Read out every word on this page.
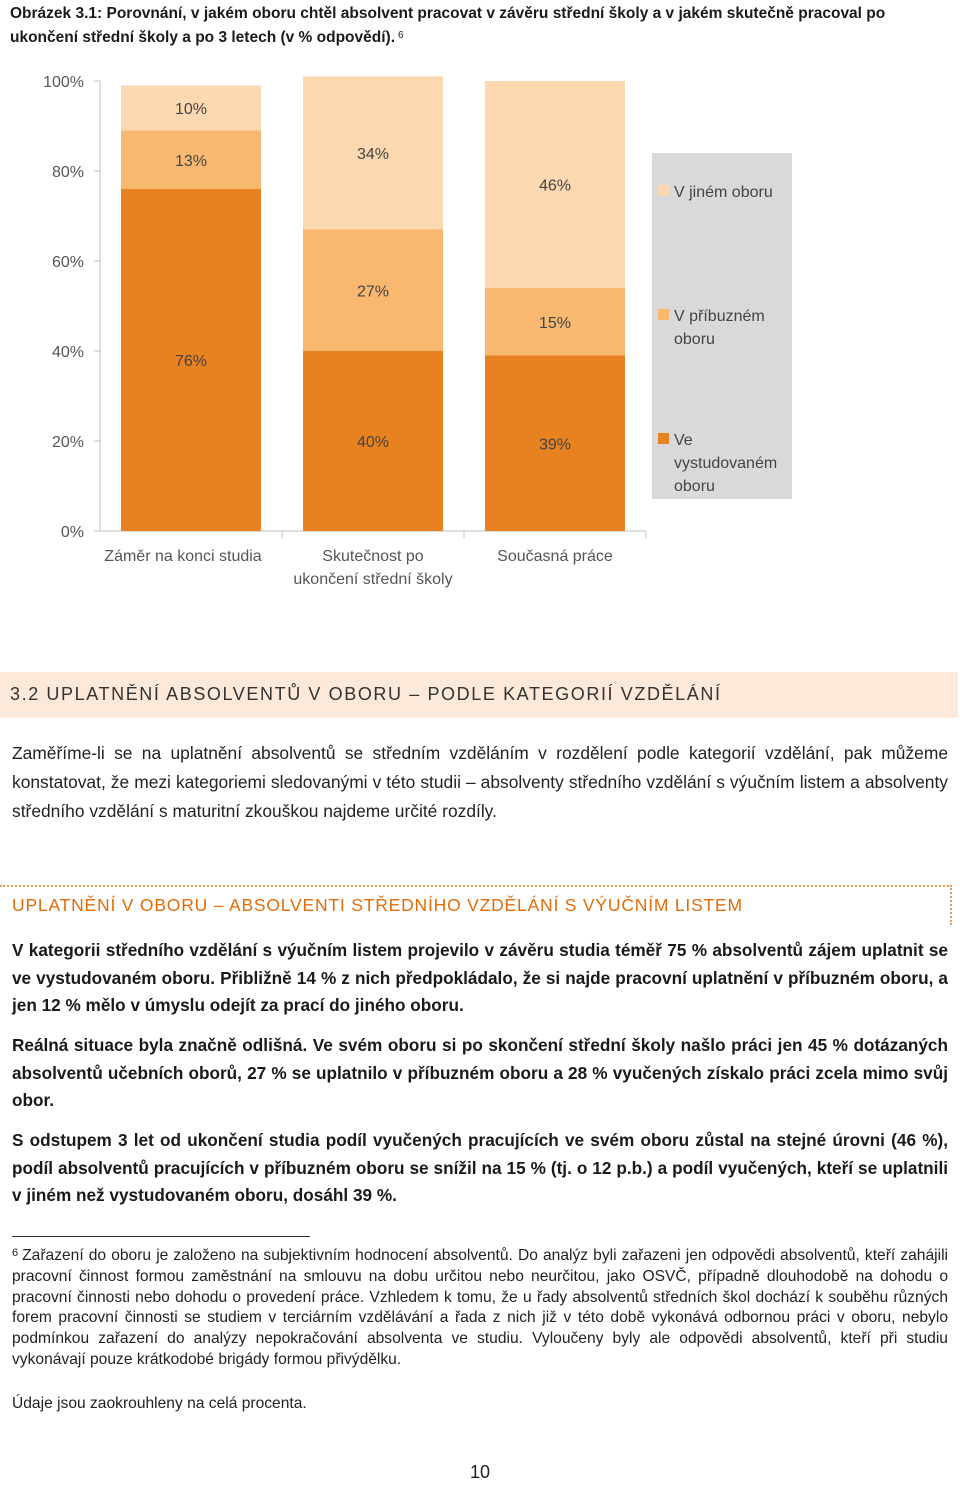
Obrázek 3.1: Porovnání, v jakém oboru chtěl absolvent pracovat v závěru střední školy a v jakém skutečně pracoval po ukončení střední školy a po 3 letech (v % odpovědí). $^6$
0%
20%
40%
60%
80%
100%
76%
13%
10%
Záměr na konci studia
40%
27%
34%
Skutečnost po
ukončení střední školy
39%
15%
46%
Současná práce
V jiném oboru
V příbuzném
oboru
Ve
vystudovaném
oboru
3.2 UPLATNĚNÍ ABSOLVENTŮ V OBORU – PODLE KATEGORIÍ VZDĚLÁNÍ

Zaměříme-li se na uplatnění absolventů se středním vzděláním v rozdělení podle kategorií vzdělání, pak můžeme konstatovat, že mezi kategoriemi sledovanými v této studii – absolventy středního vzdělání s výučním listem a absolventy středního vzdělání s maturitní zkouškou najdeme určité rozdíly.

UPLATNĚNÍ V OBORU – ABSOLVENTI STŘEDNÍHO VZDĚLÁNÍ S VÝUČNÍM LISTEM

V kategorii středního vzdělání s výučním listem projevilo v závěru studia téměř 75 % absolventů zájem uplatnit se ve vystudovaném oboru. Přibližně 14 % z nich předpokládalo, že si najde pracovní uplatnění v příbuzném oboru, a jen 12 % mělo v úmyslu odejít za prací do jiného oboru.

Reálná situace byla značně odlišná. Ve svém oboru si po skončení střední školy našlo práci jen 45 % dotázaných absolventů učebních oborů, 27 % se uplatnilo v příbuzném oboru a 28 % vyučených získalo práci zcela mimo svůj obor.

S odstupem 3 let od ukončení studia podíl vyučených pracujících ve svém oboru zůstal na stejné úrovni (46 %), podíl absolventů pracujících v příbuzném oboru se snížil na 15 % (tj. o 12 p.b.) a podíl vyučených, kteří se uplatnili v jiném než vystudovaném oboru, dosáhl 39 %.

$^6$ Zařazení do oboru je založeno na subjektivním hodnocení absolventů. Do analýz byli zařazeni jen odpovědi absolventů, kteří zahájili pracovní činnost formou zaměstnání na smlouvu na dobu určitou nebo neurčitou, jako OSVČ, případně dlouhodobě na dohodu o pracovní činnosti nebo dohodu o provedení práce. Vzhledem k tomu, že u řady absolventů středních škol dochází k souběhu různých forem pracovní činnosti se studiem v terciárním vzdělávání a řada z nich již v této době vykonává odbornou práci v oboru, nebylo podmínkou zařazení do analýzy nepokračování absolventa ve studiu. Vyloučeny byly ale odpovědi absolventů, kteří při studiu vykonávají pouze krátkodobé brigády formou přivýdělku.

Údaje jsou zaokrouhleny na celá procenta.

10
